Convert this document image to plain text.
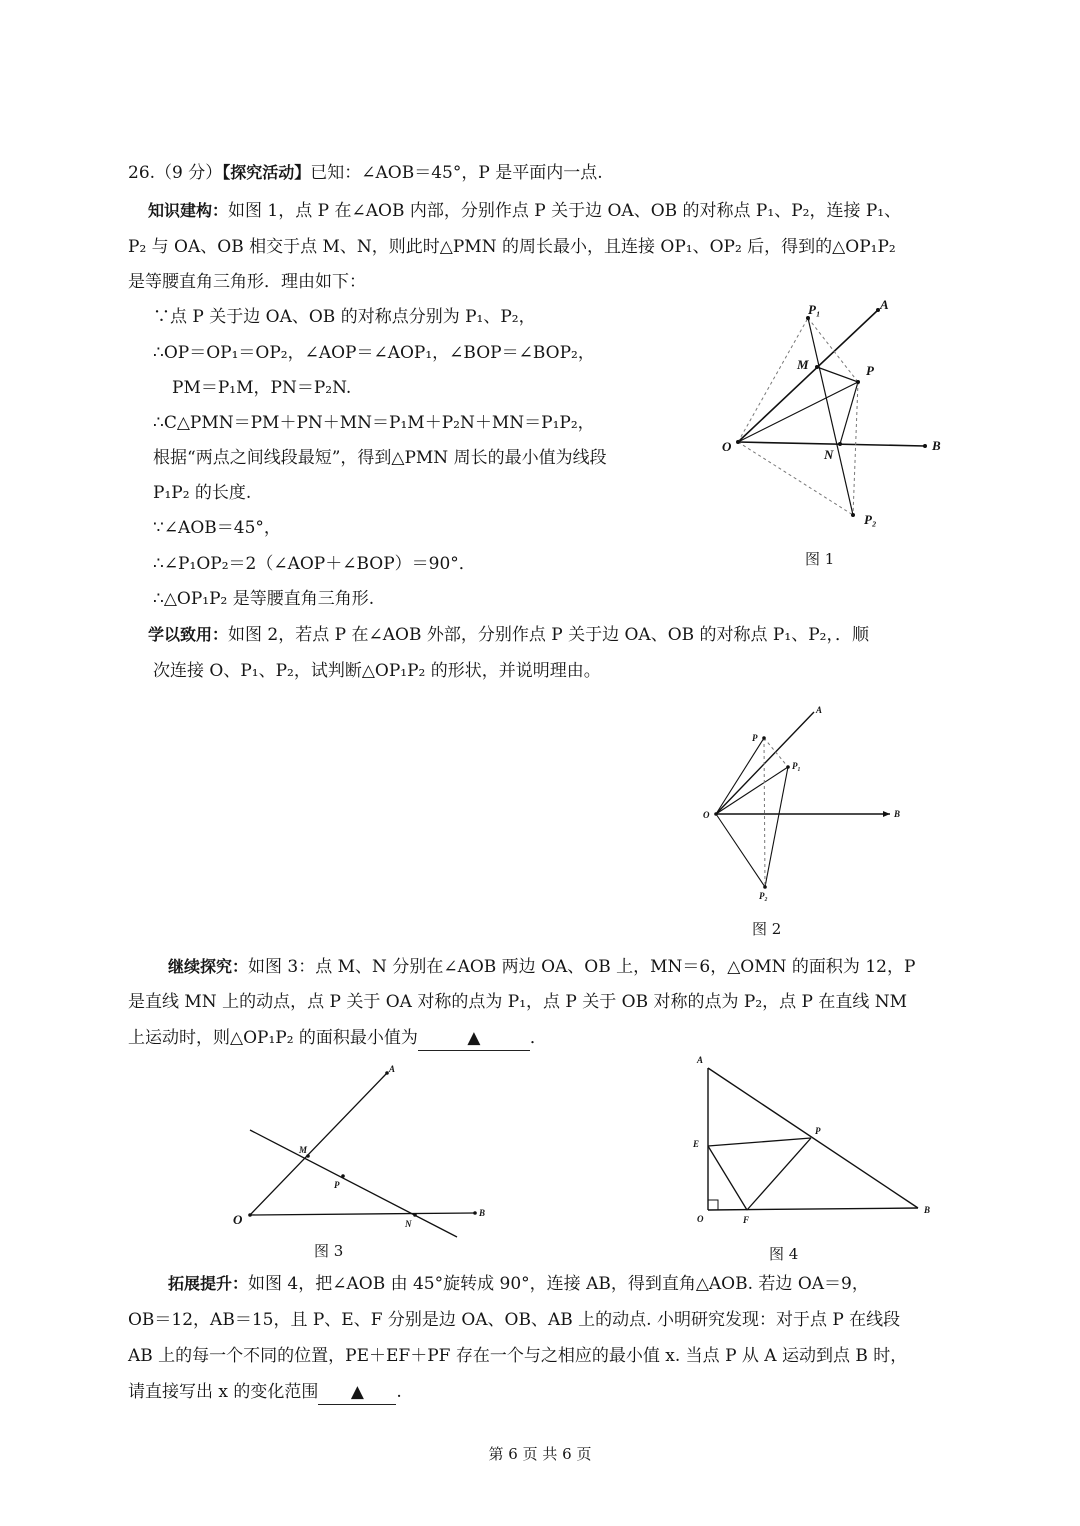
26.（9 分）【探究活动】已知：∠AOB＝45°，P 是平面内一点.
知识建构：如图 1，点 P 在∠AOB 内部，分别作点 P 关于边 OA、OB 的对称点 P₁、P₂，连接 P₁、
P₂ 与 OA、OB 相交于点 M、N，则此时△PMN 的周长最小，且连接 OP₁、OP₂ 后，得到的△OP₁P₂
是等腰直角三角形．理由如下：
∵点 P 关于边 OA、OB 的对称点分别为 P₁、P₂，
∴OP＝OP₁＝OP₂，∠AOP＝∠AOP₁，∠BOP＝∠BOP₂，
PM＝P₁M，PN＝P₂N.
∴C△PMN＝PM＋PN＋MN＝P₁M＋P₂N＋MN＝P₁P₂，
根据“两点之间线段最短”，得到△PMN 周长的最小值为线段
P₁P₂ 的长度.
∵∠AOB＝45°，
∴∠P₁OP₂＝2（∠AOP＋∠BOP）＝90°．
∴△OP₁P₂ 是等腰直角三角形.
O
A
B
P
P₁
P₂
M
N
图 1
学以致用：如图 2，若点 P 在∠AOB 外部，分别作点 P 关于边 OA、OB 的对称点 P₁、P₂，．顺
次连接 O、P₁、P₂，试判断△OP₁P₂ 的形状，并说明理由。
O
A
B
P
P₁
P₂
图 2
继续探究：如图 3：点 M、N 分别在∠AOB 两边 OA、OB 上，MN＝6，△OMN 的面积为 12，P
是直线 MN 上的动点，点 P 关于 OA 对称的点为 P₁，点 P 关于 OB 对称的点为 P₂，点 P 在直线 NM
上运动时，则△OP₁P₂ 的面积最小值为	▲	．
O
A
B
M
N
P
图 3
A
B
O
E
F
P
图 4
拓展提升：如图 4，把∠AOB 由 45°旋转成 90°，连接 AB，得到直角△AOB. 若边 OA＝9，
OB＝12，AB＝15，且 P、E、F 分别是边 OA、OB、AB 上的动点. 小明研究发现：对于点 P 在线段
AB 上的每一个不同的位置，PE＋EF＋PF 存在一个与之相应的最小值 x. 当点 P 从 A 运动到点 B 时，
请直接写出 x 的变化范围 ▲ .
第 6 页 共 6 页
